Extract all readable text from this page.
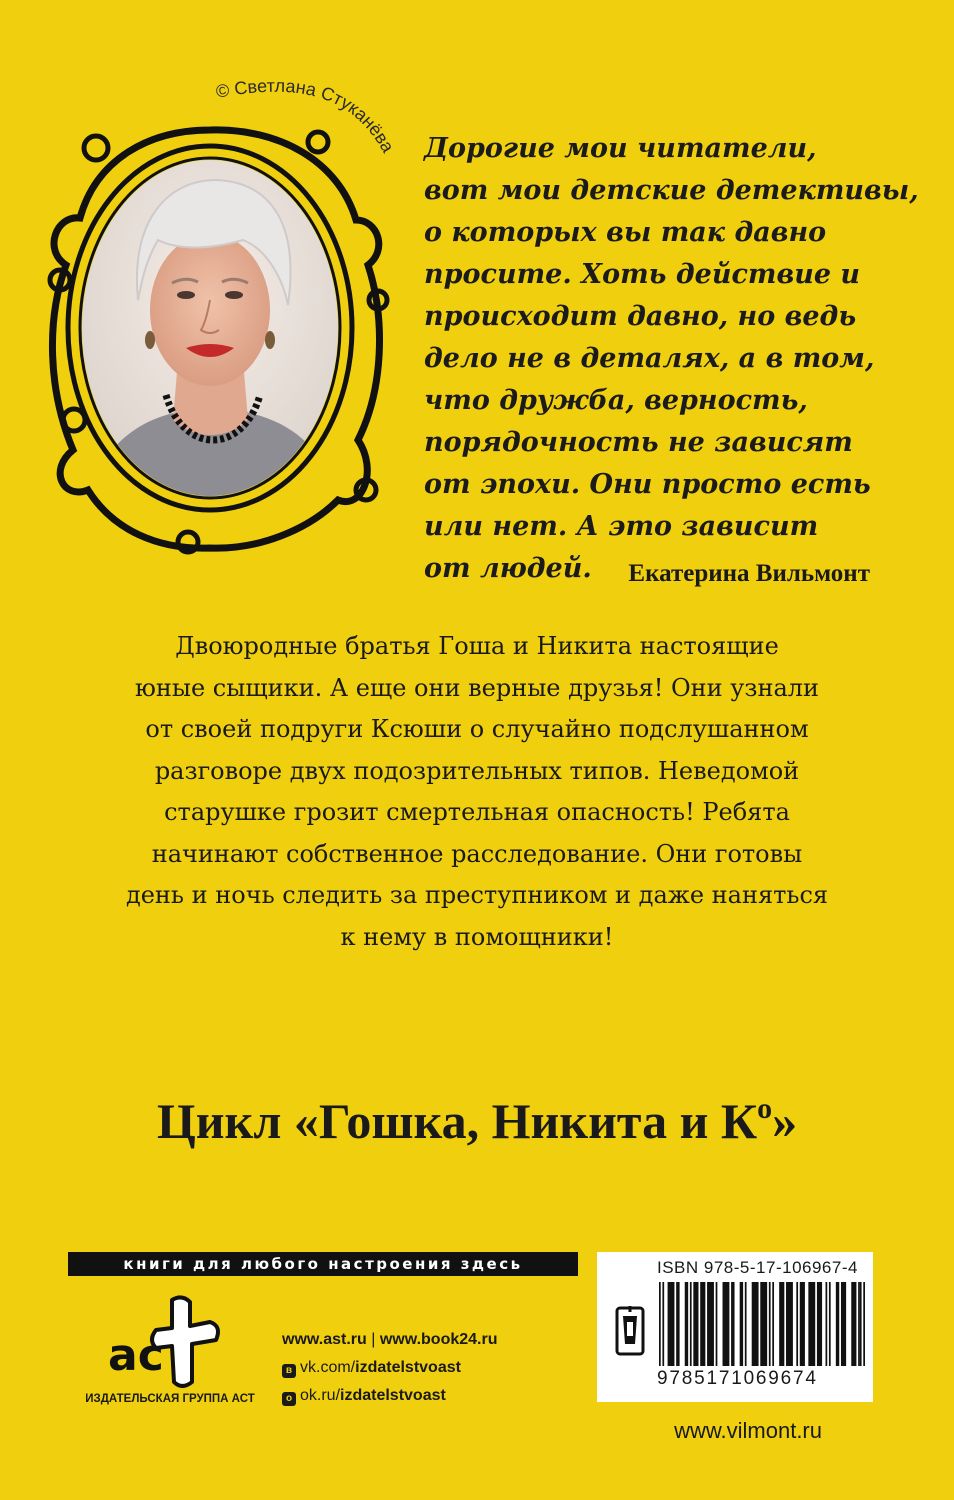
© Светлана Стуканёва Дорогие мои читатели,
вот мои детские детективы,
о которых вы так давно
просите. Хоть действие и
происходит давно, но ведь
дело не в деталях, а в том,
что дружба, верность,
порядочность не зависят
от эпохи. Они просто есть
или нет. А это зависит
от людей.	Екатерина Вильмонт
Двоюродные братья Гоша и Никита настоящие
юные сыщики. А еще они верные друзья! Они узнали
от своей подруги Ксюши о случайно подслушанном
разговоре двух подозрительных типов. Неведомой
старушке грозит смертельная опасность! Ребята
начинают собственное расследование. Они готовы
день и ночь следить за преступником и даже наняться
к нему в помощники!
Цикл «Гошка, Никита и $К^о$»
книги для любого настроения здесь
ас
ИЗДАТЕЛЬСКАЯ ГРУППА АСТ
www.ast.ru | www.book24.ru
в vk.com/izdatelstvoast
о ok.ru/izdatelstvoast
ISBN 978-5-17-106967-4
9785171069674
www.vilmont.ru
